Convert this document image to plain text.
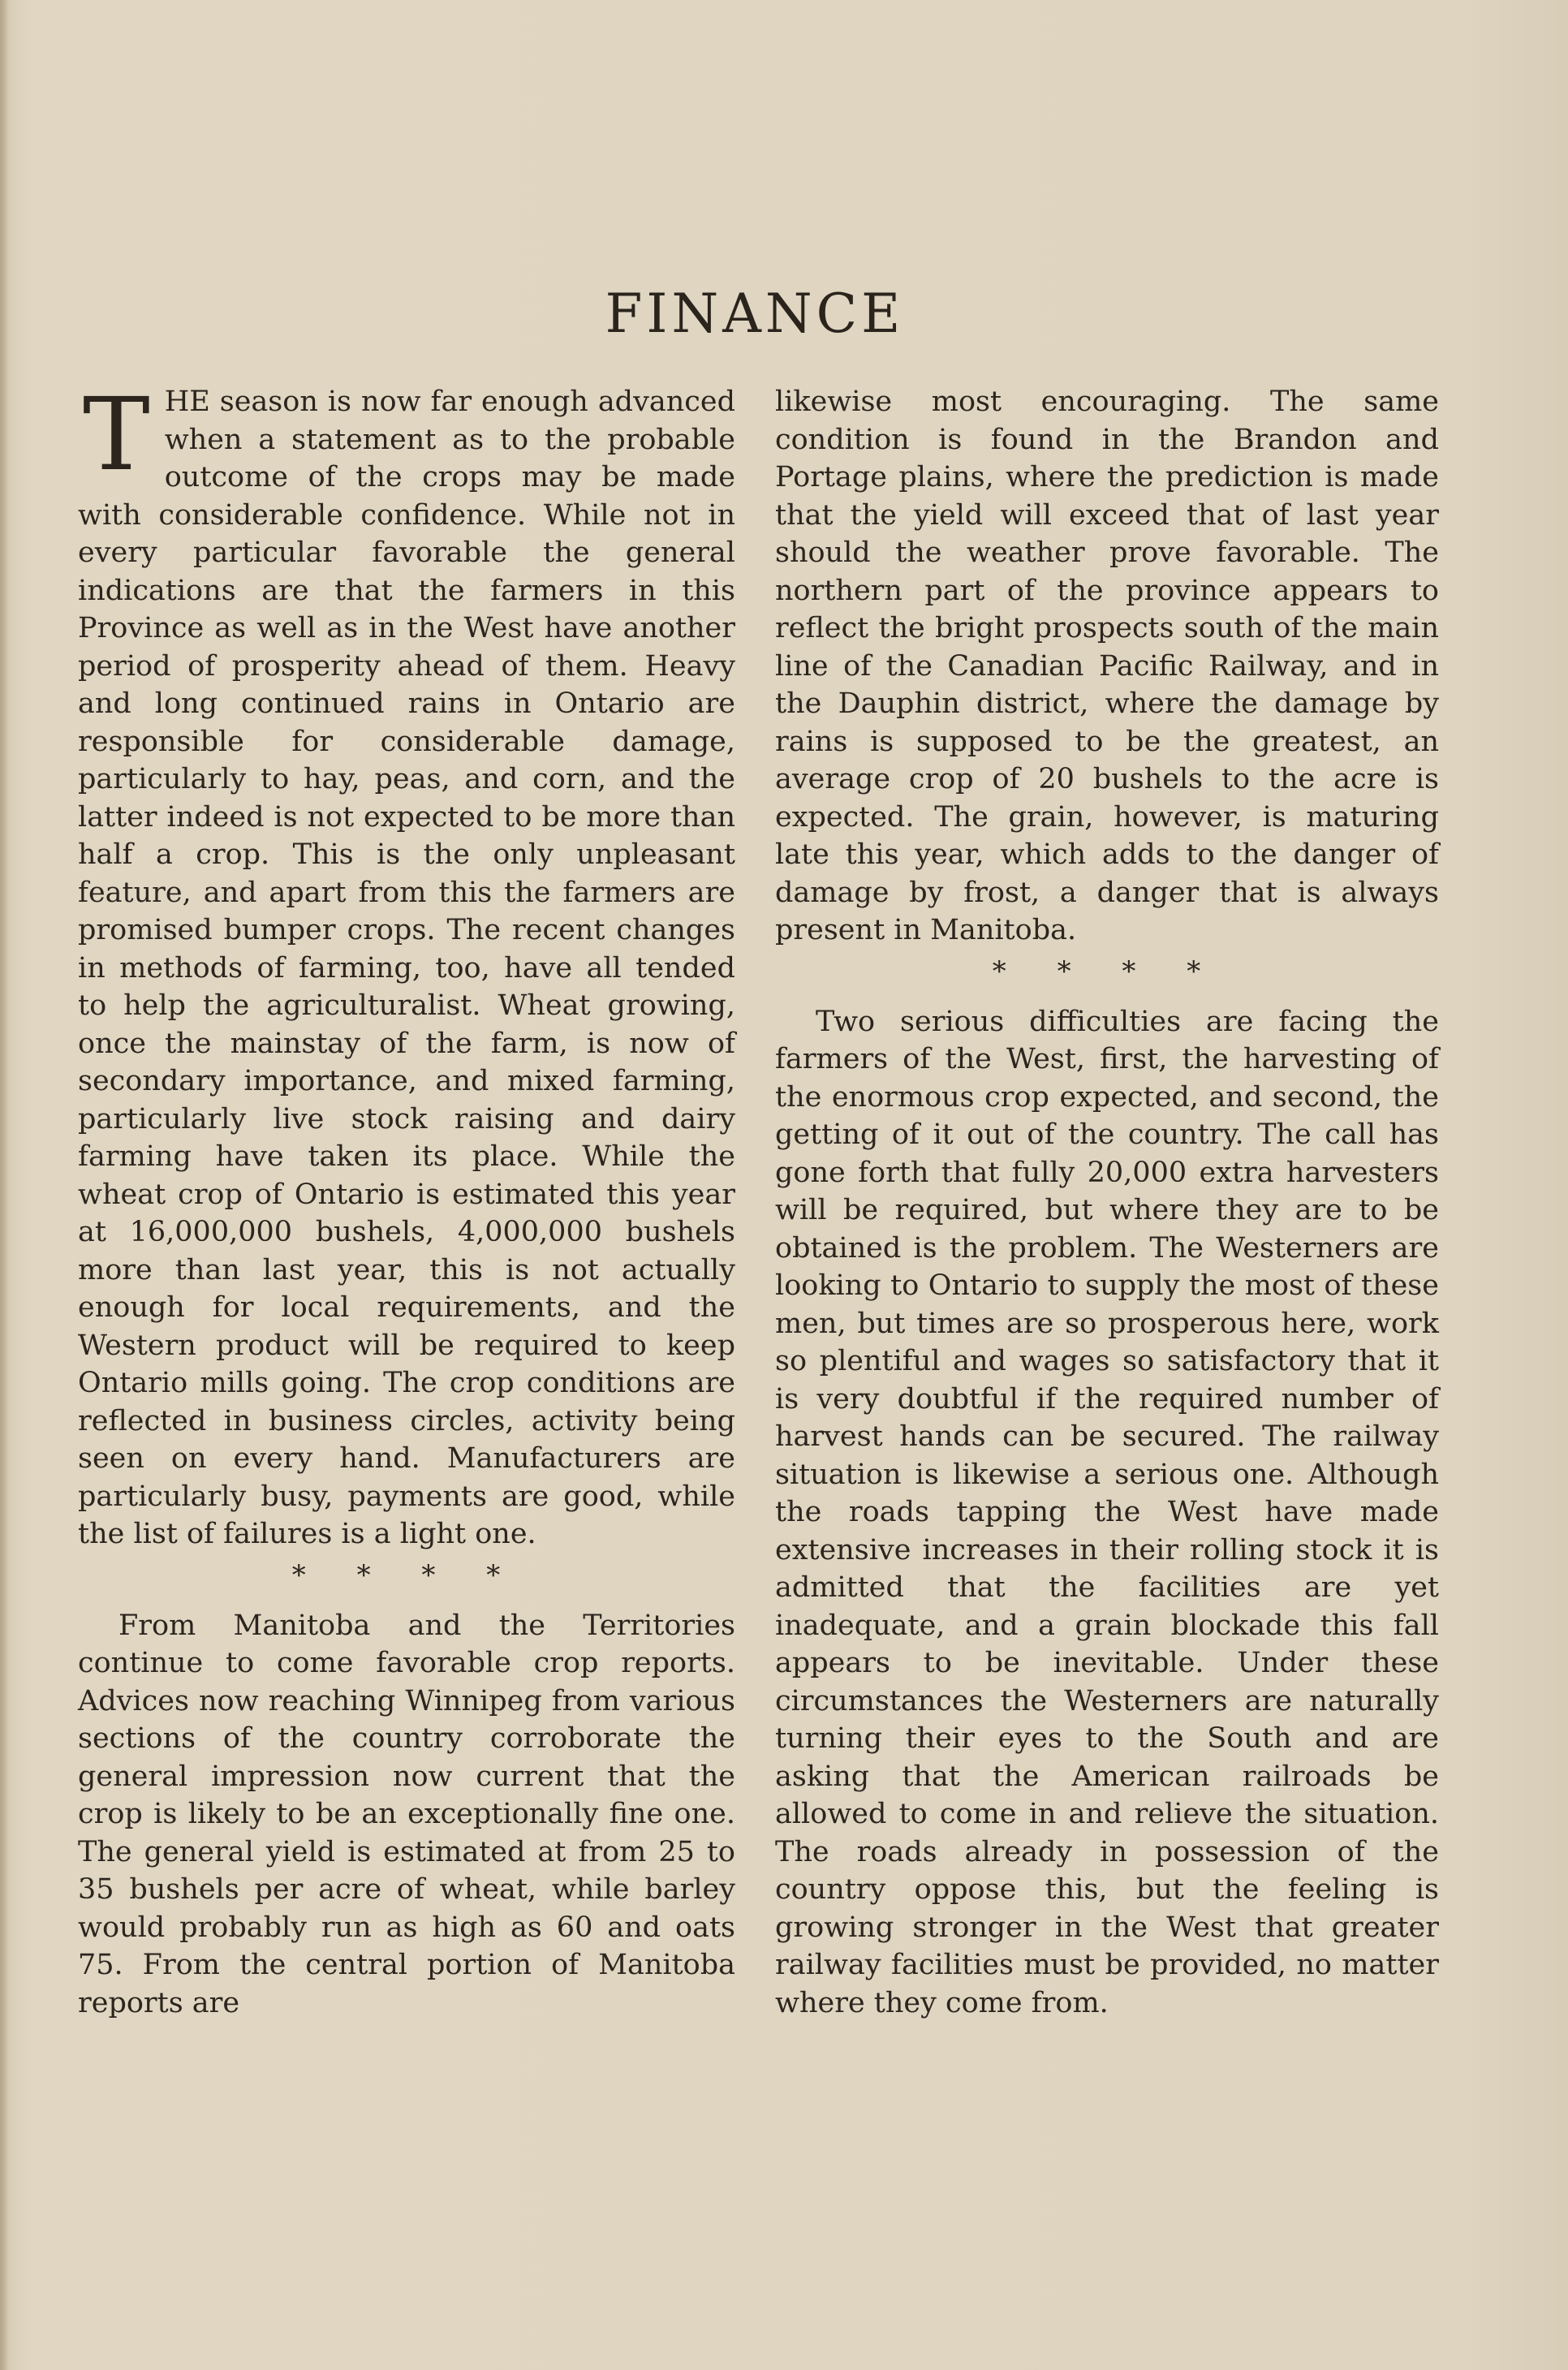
FINANCE

THE season is now far enough advanced when a statement as to the probable outcome of the crops may be made with considerable confidence. While not in every particular favorable the general indications are that the farmers in this Province as well as in the West have another period of prosperity ahead of them. Heavy and long continued rains in Ontario are responsible for considerable damage, particularly to hay, peas, and corn, and the latter indeed is not expected to be more than half a crop. This is the only unpleasant feature, and apart from this the farmers are promised bumper crops. The recent changes in methods of farming, too, have all tended to help the agriculturalist. Wheat growing, once the mainstay of the farm, is now of secondary importance, and mixed farming, particularly live stock raising and dairy farming have taken its place. While the wheat crop of Ontario is estimated this year at 16,000,000 bushels, 4,000,000 bushels more than last year, this is not actually enough for local requirements, and the Western product will be required to keep Ontario mills going. The crop conditions are reflected in business circles, activity being seen on every hand. Manufacturers are particularly busy, payments are good, while the list of failures is a light one.

* * * *

From Manitoba and the Territories continue to come favorable crop reports. Advices now reaching Winnipeg from various sections of the country corroborate the general impression now current that the crop is likely to be an exceptionally fine one. The general yield is estimated at from 25 to 35 bushels per acre of wheat, while barley would probably run as high as 60 and oats 75. From the central portion of Manitoba reports are

likewise most encouraging. The same condition is found in the Brandon and Portage plains, where the prediction is made that the yield will exceed that of last year should the weather prove favorable. The northern part of the province appears to reflect the bright prospects south of the main line of the Canadian Pacific Railway, and in the Dauphin district, where the damage by rains is supposed to be the greatest, an average crop of 20 bushels to the acre is expected. The grain, however, is maturing late this year, which adds to the danger of damage by frost, a danger that is always present in Manitoba.

* * * *

Two serious difficulties are facing the farmers of the West, first, the harvesting of the enormous crop expected, and second, the getting of it out of the country. The call has gone forth that fully 20,000 extra harvesters will be required, but where they are to be obtained is the problem. The Westerners are looking to Ontario to supply the most of these men, but times are so prosperous here, work so plentiful and wages so satisfactory that it is very doubtful if the required number of harvest hands can be secured. The railway situation is likewise a serious one. Although the roads tapping the West have made extensive increases in their rolling stock it is admitted that the facilities are yet inadequate, and a grain blockade this fall appears to be inevitable. Under these circumstances the Westerners are naturally turning their eyes to the South and are asking that the American railroads be allowed to come in and relieve the situation. The roads already in possession of the country oppose this, but the feeling is growing stronger in the West that greater railway facilities must be provided, no matter where they come from.
